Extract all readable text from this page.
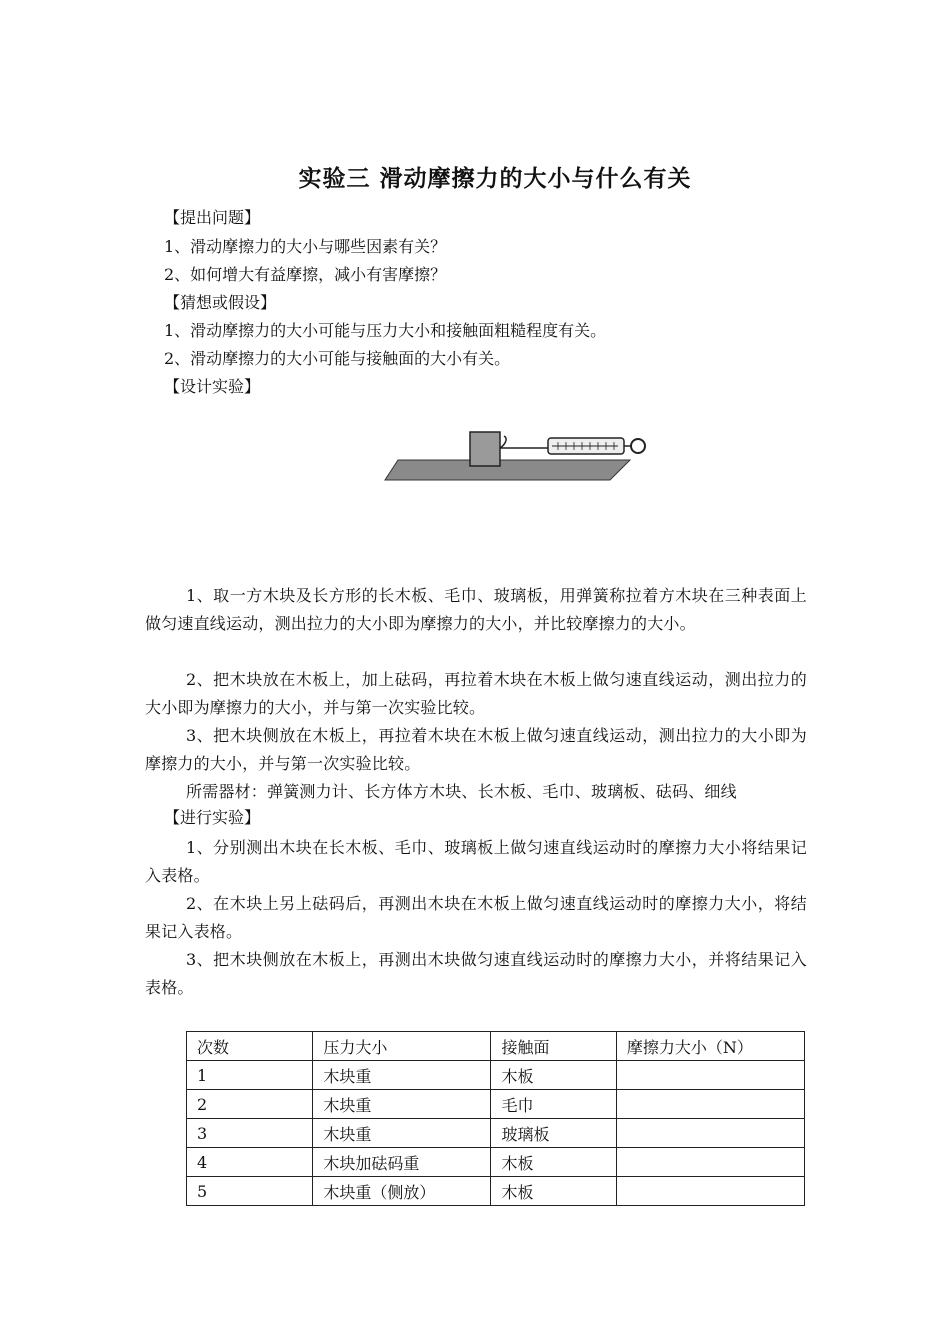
实验三 滑动摩擦力的大小与什么有关
【提出问题】
1、滑动摩擦力的大小与哪些因素有关？
2、如何增大有益摩擦，减小有害摩擦？
【猜想或假设】
1、滑动摩擦力的大小可能与压力大小和接触面粗糙程度有关。
2、滑动摩擦力的大小可能与接触面的大小有关。
【设计实验】
1、取一方木块及长方形的长木板、毛巾、玻璃板，用弹簧称拉着方木块在三种表面上做匀速直线运动，测出拉力的大小即为摩擦力的大小，并比较摩擦力的大小。
2、把木块放在木板上，加上砝码，再拉着木块在木板上做匀速直线运动，测出拉力的大小即为摩擦力的大小，并与第一次实验比较。
3、把木块侧放在木板上，再拉着木块在木板上做匀速直线运动，测出拉力的大小即为摩擦力的大小，并与第一次实验比较。
所需器材：弹簧测力计、长方体方木块、长木板、毛巾、玻璃板、砝码、细线
【进行实验】
1、分别测出木块在长木板、毛巾、玻璃板上做匀速直线运动时的摩擦力大小将结果记入表格。
2、在木块上另上砝码后，再测出木块在木板上做匀速直线运动时的摩擦力大小，将结果记入表格。
3、把木块侧放在木板上，再测出木块做匀速直线运动时的摩擦力大小，并将结果记入表格。
次数	压力大小	接触面	摩擦力大小（N）
1	木块重	木板	
2	木块重	毛巾	
3	木块重	玻璃板	
4	木块加砝码重	木板	
5	木块重（侧放）	木板	
